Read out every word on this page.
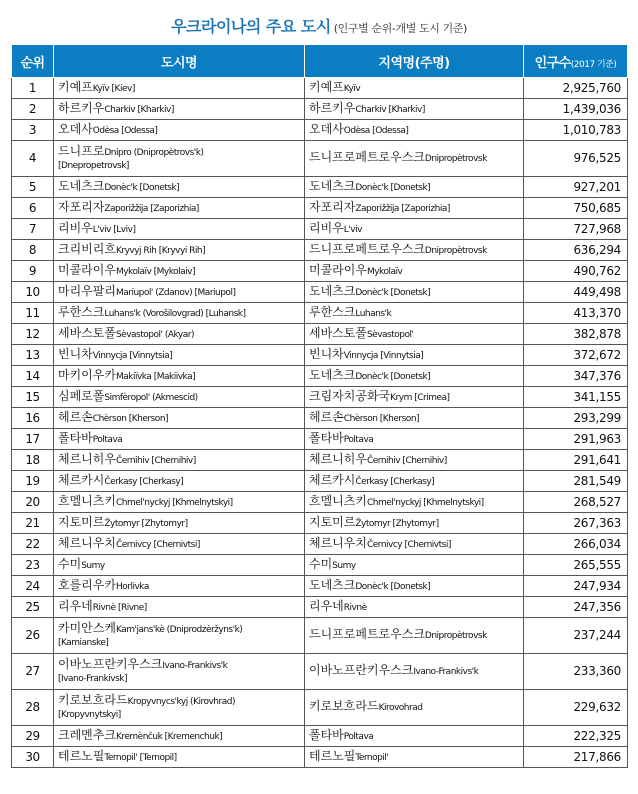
우크라이나의 주요 도시 (인구별 순위-개별 도시 기준)
순위	도시명	지역명(주명)	인구수(2017 기준)
1	키예프Kyïv [Kiev]	키예프Kyïv	2,925,760
2	하르키우Charkiv [Kharkiv]	하르키우Charkiv [Kharkiv]	1,439,036
3	오데사Odèsa [Odessa]	오데사Odèsa [Odessa]	1,010,783
4	드니프로Dnipro (Dnipropètrovs'k)
[Dnepropetrovsk]	드니프로페트로우스크Dnipropètrovsk	976,525
5	도네츠크Donèc'k [Donetsk]	도네츠크Donèc'k [Donetsk]	927,201
6	자포리자Zaporižžija [Zaporizhia]	자포리자Zaporižžija [Zaporizhia]	750,685
7	리비우L'viv [Lviv]	리비우L'viv	727,968
8	크리비리흐Kryvyj Rih [Kryvyi Rih]	드니프로페트로우스크Dnipropètrovsk	636,294
9	미콜라이우Mykolaïv [Mykolaiv]	미콜라이우Mykolaïv	490,762
10	마리우팔리Mariupol' (Zdanov) [Mariupol]	도네츠크Donèc'k [Donetsk]	449,498
11	루한스크Luhans'k (Vorošilovgrad) [Luhansk]	루한스크Luhans'k	413,370
12	세바스토폴Sèvastopol' (Akyar)	세바스토폴Sèvastopol'	382,878
13	빈니차Vinnycja [Vinnytsia]	빈니차Vinnycja [Vinnytsia]	372,672
14	마키이우카Makiïvka [Makiivka]	도네츠크Donèc'k [Donetsk]	347,376
15	심페로폴Simfèropol' (Akmescid)	크림자치공화국Krym [Crimea]	341,155
16	헤르손Chèrson [Kherson]	헤르손Chèrson [Kherson]	293,299
17	폴타바Poltava	폴타바Poltava	291,963
18	체르니히우Černihiv [Chernihiv]	체르니히우Černihiv [Chernihiv]	291,641
19	체르카시Čerkasy [Cherkasy]	체르카시Čerkasy [Cherkasy]	281,549
20	흐멜니츠키Chmel'nyckyj [Khmelnytskyi]	흐멜니츠키Chmel'nyckyj [Khmelnytskyi]	268,527
21	지토미르Žytomyr [Zhytomyr]	지토미르Žytomyr [Zhytomyr]	267,363
22	체르니우치Černivcy [Chernivtsi]	체르니우치Černivcy [Chernivtsi]	266,034
23	수미Sumy	수미Sumy	265,555
24	호를리우카Horlivka	도네츠크Donèc'k [Donetsk]	247,934
25	리우네Rivnè [Rivne]	리우네Rivnè	247,356
26	카미안스케Kam'jans'kè (Dniprodzèržyns'k)
[Kamianske]	드니프로페트로우스크Dnipropètrovsk	237,244
27	이바노프란키우스크Ivano-Frankivs'k
[Ivano-Frankivsk]	이바노프란키우스크Ivano-Frankivs'k	233,360
28	키로보흐라드Kropyvnycs'kyj (Kirovhrad)
[Kropyvnytskyi]	키로보흐라드Kirovohrad	229,632
29	크레멘추크Kremènčuk [Kremenchuk]	폴타바Poltava	222,325
30	테르노필Ternopil' [Ternopil]	테르노필Ternopil'	217,866
